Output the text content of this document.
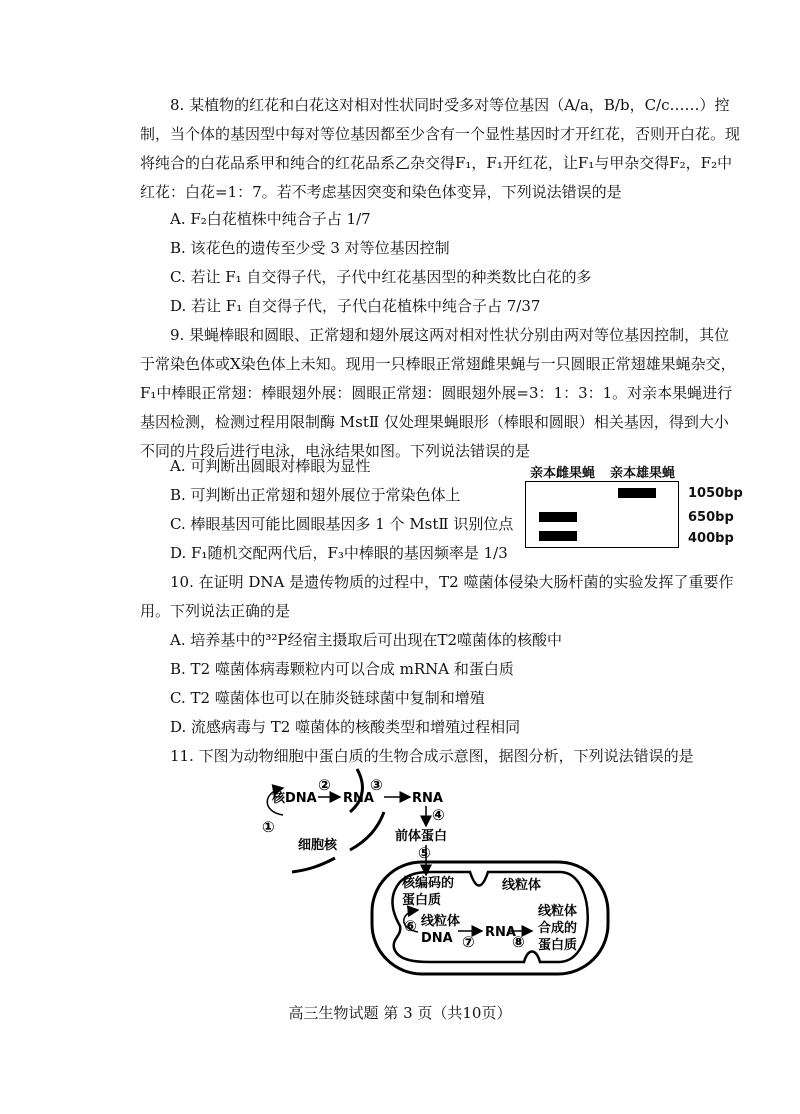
8. 某植物的红花和白花这对相对性状同时受多对等位基因（A/a，B/b，C/c……）控制，当个体的基因型中每对等位基因都至少含有一个显性基因时才开红花，否则开白花。现将纯合的白花品系甲和纯合的红花品系乙杂交得F₁，F₁开红花，让F₁与甲杂交得F₂，F₂中红花：白花=1：7。若不考虑基因突变和染色体变异，下列说法错误的是

A. F₂白花植株中纯合子占 1/7

B. 该花色的遗传至少受 3 对等位基因控制

C. 若让 F₁ 自交得子代，子代中红花基因型的种类数比白花的多

D. 若让 F₁ 自交得子代，子代白花植株中纯合子占 7/37

9. 果蝇棒眼和圆眼、正常翅和翅外展这两对相对性状分别由两对等位基因控制，其位于常染色体或X染色体上未知。现用一只棒眼正常翅雌果蝇与一只圆眼正常翅雄果蝇杂交，F₁中棒眼正常翅：棒眼翅外展：圆眼正常翅：圆眼翅外展=3：1：3：1。对亲本果蝇进行基因检测，检测过程用限制酶 MstⅡ 仅处理果蝇眼形（棒眼和圆眼）相关基因，得到大小不同的片段后进行电泳，电泳结果如图。下列说法错误的是

A. 可判断出圆眼对棒眼为显性

B. 可判断出正常翅和翅外展位于常染色体上

C. 棒眼基因可能比圆眼基因多 1 个 MstⅡ 识别位点

D. F₁随机交配两代后，F₃中棒眼的基因频率是 1/3

亲本雌果蝇 亲本雄果蝇
1050bp
650bp
400bp

10. 在证明 DNA 是遗传物质的过程中，T2 噬菌体侵染大肠杆菌的实验发挥了重要作用。下列说法正确的是

A. 培养基中的³²P经宿主摄取后可出现在T2噬菌体的核酸中

B. T2 噬菌体病毒颗粒内可以合成 mRNA 和蛋白质

C. T2 噬菌体也可以在肺炎链球菌中复制和增殖

D. 流感病毒与 T2 噬菌体的核酸类型和增殖过程相同

11. 下图为动物细胞中蛋白质的生物合成示意图，据图分析，下列说法错误的是

核DNA RNA	RNA
前体蛋白
细胞核
核编码的
蛋白质
线粒体
线粒体
DNA RNA
线粒体
合成的
蛋白质
①
②	③
④
⑤
⑥
⑦ ⑧
高三生物试题 第 3 页（共10页）
